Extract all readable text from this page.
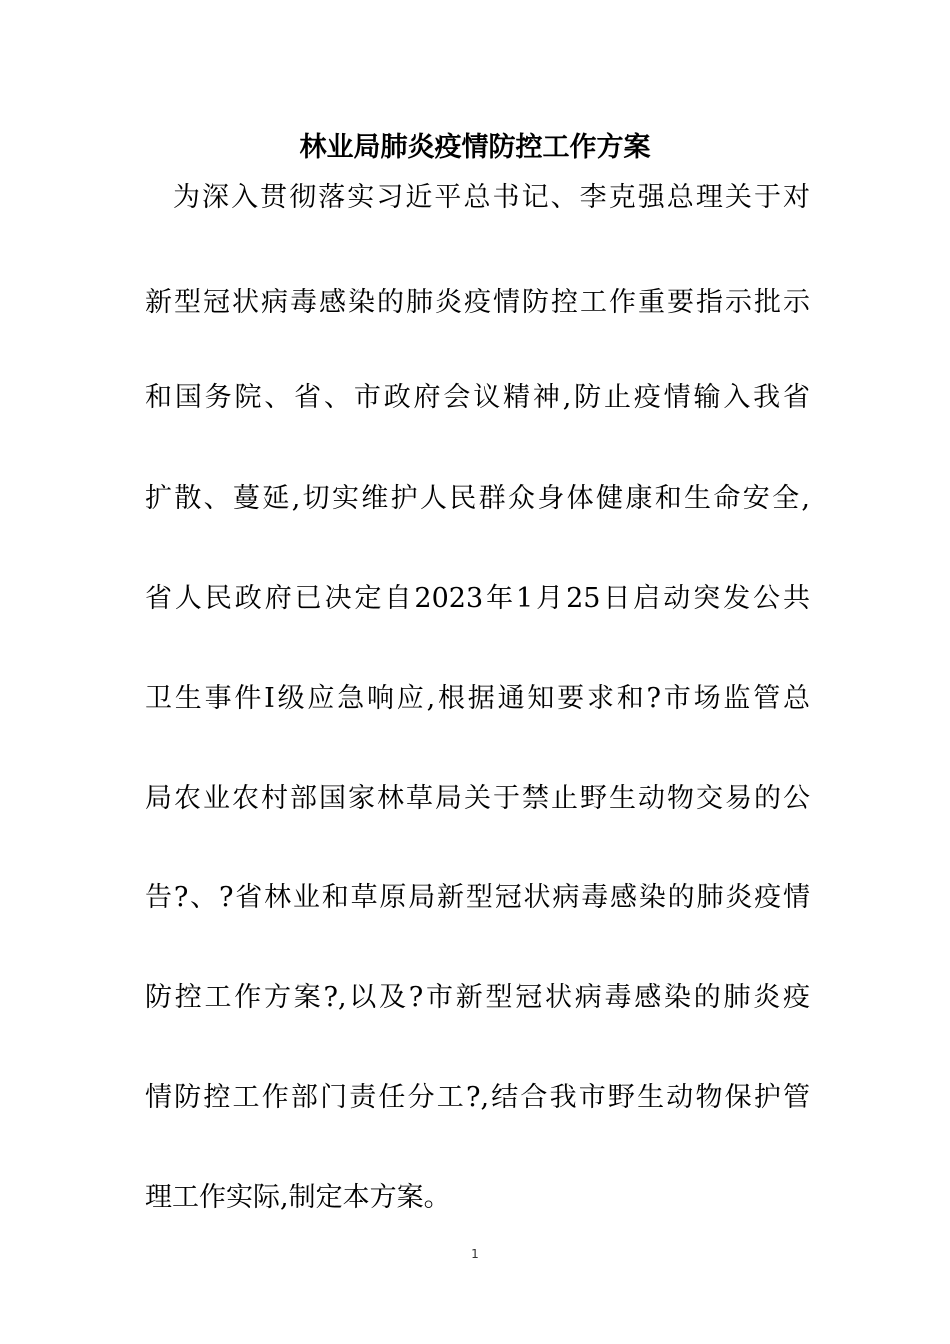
林业局肺炎疫情防控工作方案
为深入贯彻落实习近平总书记、李克强总理关于对
新型冠状病毒感染的肺炎疫情防控工作重要指示批示
和国务院、省、市政府会议精神,防止疫情输入我省
扩散、蔓延,切实维护人民群众身体健康和生命安全,
省人民政府已决定自2023年1月25日启动突发公共
卫生事件Ⅰ级应急响应,根据通知要求和?市场监管总
局农业农村部国家林草局关于禁止野生动物交易的公
告?、?省林业和草原局新型冠状病毒感染的肺炎疫情
防控工作方案?,以及?市新型冠状病毒感染的肺炎疫
情防控工作部门责任分工?,结合我市野生动物保护管
理工作实际,制定本方案。
1
